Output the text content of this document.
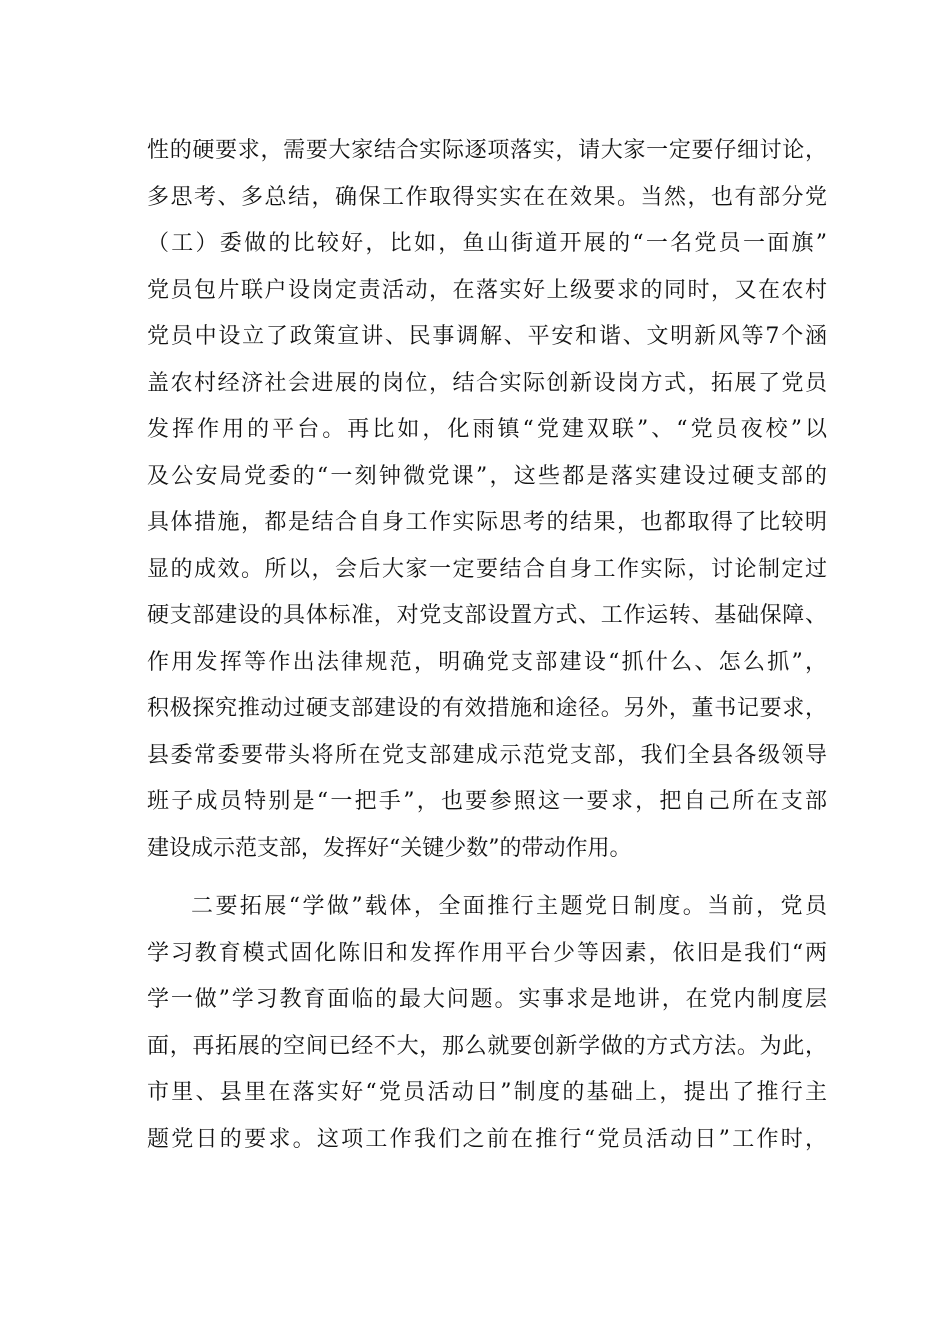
性的硬要求，需要大家结合实际逐项落实，请大家一定要仔细讨论，
多思考、多总结，确保工作取得实实在在效果。当然，也有部分党
（工）委做的比较好，比如，鱼山街道开展的“一名党员一面旗”
党员包片联户设岗定责活动，在落实好上级要求的同时，又在农村
党员中设立了政策宣讲、民事调解、平安和谐、文明新风等7个涵
盖农村经济社会进展的岗位，结合实际创新设岗方式，拓展了党员
发挥作用的平台。再比如，化雨镇“党建双联”、“党员夜校”以
及公安局党委的“一刻钟微党课”，这些都是落实建设过硬支部的
具体措施，都是结合自身工作实际思考的结果，也都取得了比较明
显的成效。所以，会后大家一定要结合自身工作实际，讨论制定过
硬支部建设的具体标准，对党支部设置方式、工作运转、基础保障、
作用发挥等作出法律规范，明确党支部建设“抓什么、怎么抓”，
积极探究推动过硬支部建设的有效措施和途径。另外，董书记要求，
县委常委要带头将所在党支部建成示范党支部，我们全县各级领导
班子成员特别是“一把手”，也要参照这一要求，把自己所在支部
建设成示范支部，发挥好“关键少数”的带动作用。
二要拓展“学做”载体，全面推行主题党日制度。当前，党员
学习教育模式固化陈旧和发挥作用平台少等因素，依旧是我们“两
学一做”学习教育面临的最大问题。实事求是地讲，在党内制度层
面，再拓展的空间已经不大，那么就要创新学做的方式方法。为此，
市里、县里在落实好“党员活动日”制度的基础上，提出了推行主
题党日的要求。这项工作我们之前在推行“党员活动日”工作时，
